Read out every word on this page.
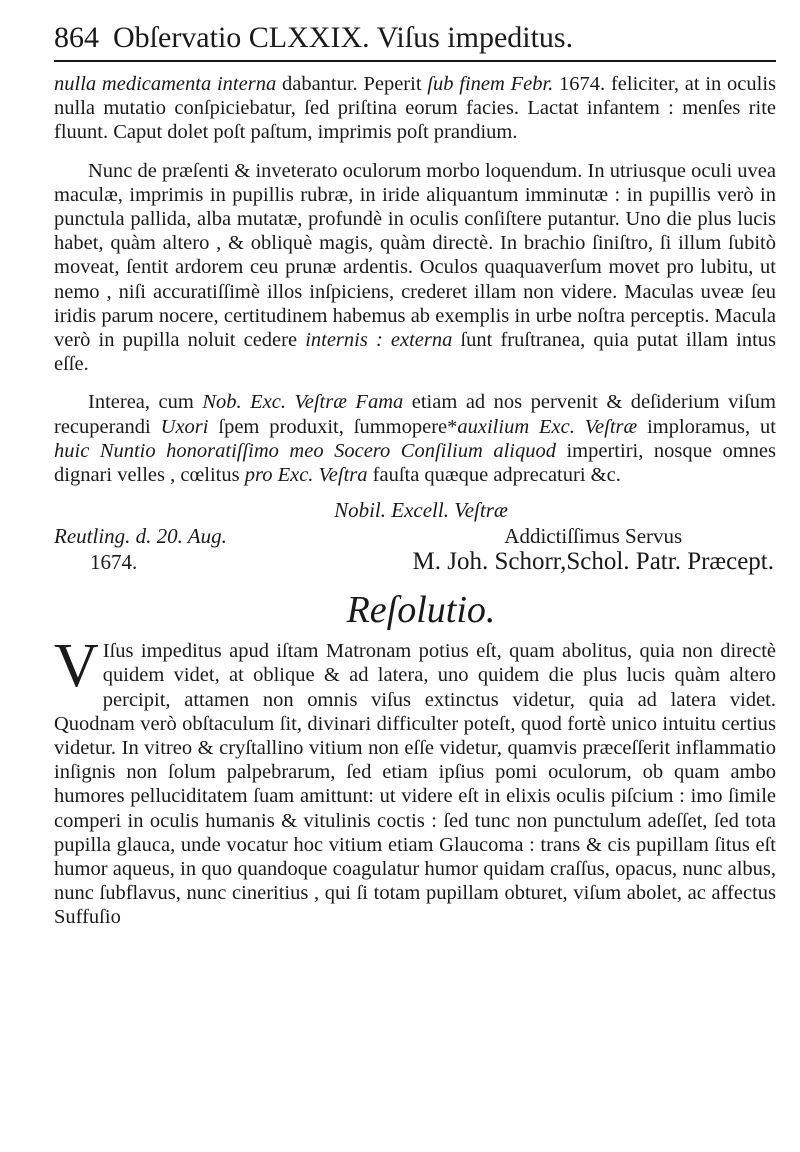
864 Obſervatio CLXXIX. Viſus impeditus.

nulla medicamenta interna dabantur. Peperit ſub finem Febr. 1674. feliciter, at in oculis nulla mutatio conſpiciebatur, ſed priſtina eorum facies. Lactat infantem : menſes rite fluunt. Caput dolet poſt paſtum, imprimis poſt prandium.

Nunc de præſenti & inveterato oculorum morbo loquendum. In utriusque oculi uvea maculæ, imprimis in pupillis rubræ, in iride aliquantum imminutæ : in pupillis verò in punctula pallida, alba mutatæ, profundè in oculis conſiſtere putantur. Uno die plus lucis habet, quàm altero , & obliquè magis, quàm directè. In brachio ſiniſtro, ſi illum ſubitò moveat, ſentit ardorem ceu prunæ ardentis. Oculos quaquaverſum movet pro lubitu, ut nemo , niſi accuratiſſimè illos inſpiciens, crederet illam non videre. Maculas uveæ ſeu iridis parum nocere, certitudinem habemus ab exemplis in urbe noſtra perceptis. Macula verò in pupilla noluit cedere internis : externa ſunt fruſtranea, quia putat illam intus eſſe.

Interea, cum Nob. Exc. Veſtræ Fama etiam ad nos pervenit & deſiderium viſum recuperandi Uxori ſpem produxit, ſummopere*auxilium Exc. Veſtræ imploramus, ut huic Nuntio honoratiſſimo meo Socero Conſilium aliquod impertiri, nosque omnes dignari velles , cœlitus pro Exc. Veſtra fauſta quæque adprecaturi &c.

Nobil. Excell. Veſtræ
Reutling. d. 20. Aug.
1674.
Addictiſſimus Servus
M. Joh. Schorr,Schol. Patr. Præcept.
Reſolutio.

V Iſus impeditus apud iſtam Matronam potius eſt, quam abolitus, quia non directè quidem videt, at oblique & ad latera, uno quidem die plus lucis quàm altero percipit, attamen non omnis viſus extinctus videtur, quia ad latera videt. Quodnam verò obſtaculum ſit, divinari difficulter poteſt, quod fortè unico intuitu certius videtur. In vitreo & cryſtallino vitium non eſſe videtur, quamvis præceſſerit inflammatio inſignis non ſolum palpebrarum, ſed etiam ipſius pomi oculorum, ob quam ambo humores pelluciditatem ſuam amittunt: ut videre eſt in elixis oculis piſcium : imo ſimile comperi in oculis humanis & vitulinis coctis : ſed tunc non punctulum adeſſet, ſed tota pupilla glauca, unde vocatur hoc vitium etiam Glaucoma : trans & cis pupillam ſitus eſt humor aqueus, in quo quandoque coagulatur humor quidam craſſus, opacus, nunc albus, nunc ſubflavus, nunc cineritius , qui ſi totam pupillam obturet, viſum abolet, ac affectus Suffuſio
